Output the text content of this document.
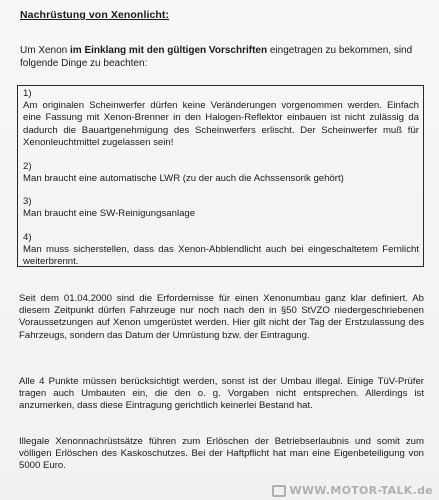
Nachrüstung von Xenonlicht:
Um Xenon im Einklang mit den gültigen Vorschriften eingetragen zu bekommen, sind folgende Dinge zu beachten:
1)
Am originalen Scheinwerfer dürfen keine Veränderungen vorgenommen werden. Einfach eine Fassung mit Xenon-Brenner in den Halogen-Reflektor einbauen ist nicht zulässig da dadurch die Bauartgenehmigung des Scheinwerfers erlischt. Der Scheinwerfer muß für Xenonleuchtmittel zugelassen sein!
2)
Man braucht eine automatische LWR (zu der auch die Achssensorik gehört)
3)
Man braucht eine SW-Reinigungsanlage
4)
Man muss sicherstellen, dass das Xenon-Abblendlicht auch bei eingeschaltetem Fernlicht weiterbrennt.
Seit dem 01.04.2000 sind die Erfordernisse für einen Xenonumbau ganz klar definiert. Ab diesem Zeitpunkt dürfen Fahrzeuge nur noch nach den in §50 StVZO niedergeschriebenen Voraussetzungen auf Xenon umgerüstet werden. Hier gilt nicht der Tag der Erstzulassung des Fahrzeugs, sondern das Datum der Umrüstung bzw. der Eintragung.
Alle 4 Punkte müssen berücksichtigt werden, sonst ist der Umbau illegal. Einige TüV-Prüfer tragen auch Umbauten ein, die den o. g. Vorgaben nicht entsprechen. Allerdings ist anzumerken, dass diese Eintragung gerichtlich keinerlei Bestand hat.
Illegale Xenonnachrüstsätze führen zum Erlöschen der Betriebserlaubnis und somit zum völligen Erlöschen des Kaskoschutzes. Bei der Haftpflicht hat man eine Eigenbeteiligung von 5000 Euro.
WWW.MOTOR-TALK.de
